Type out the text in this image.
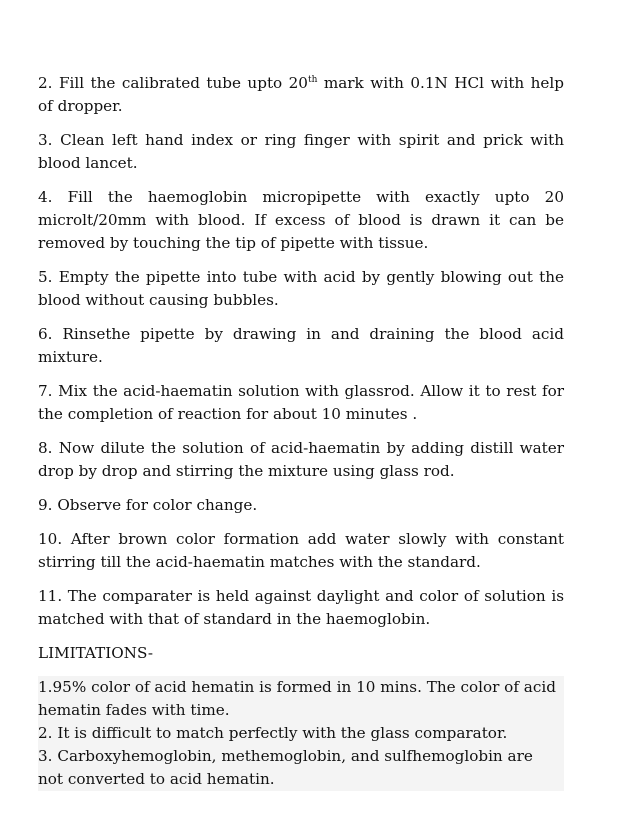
2. Fill the calibrated tube upto 20th mark with 0.1N HCl with help of dropper.

3. Clean left hand index or ring finger with spirit and prick with blood lancet.

4. Fill the haemoglobin micropipette with exactly upto 20 microlt/20mm with blood. If excess of blood is drawn it can be removed by touching the tip of pipette with tissue.

5. Empty the pipette into tube with acid by gently blowing out the blood without causing bubbles.

6. Rinsethe pipette by drawing in and draining the blood acid mixture.

7. Mix the acid-haematin solution with glassrod. Allow it to rest for the completion of reaction for about 10 minutes .

8. Now dilute the solution of acid-haematin by adding distill water drop by drop and stirring the mixture using glass rod.

9. Observe for color change.

10. After brown color formation add water slowly with constant stirring till the acid-haematin matches with the standard.

11. The comparater is held against daylight and color of solution is matched with that of standard in the haemoglobin.

LIMITATIONS-

1.95% color of acid hematin is formed in 10 mins. The color of acid hematin fades with time.

2. It is difficult to match perfectly with the glass comparator.

3. Carboxyhemoglobin, methemoglobin, and sulfhemoglobin are not converted to acid hematin.
